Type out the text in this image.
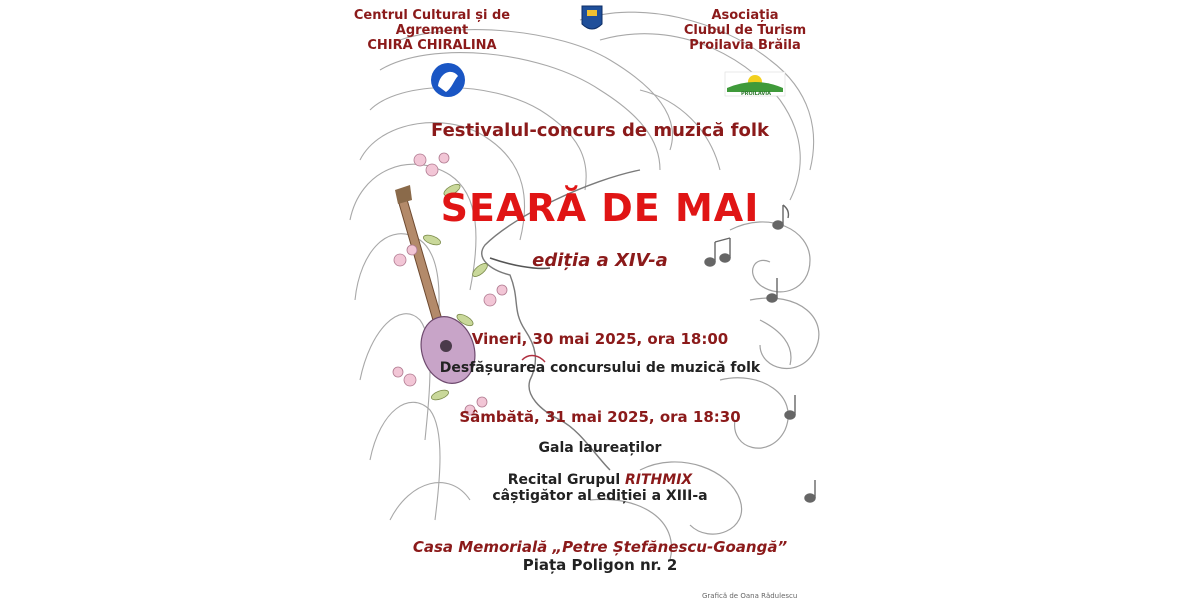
Centrul Cultural și de
Agrement
CHIRA CHIRALINA
Asociația
Clubul de Turism
Proilavia Brăila
PROILAVIA
Festivalul-concurs de muzică folk
SEARĂ DE MAI
ediția a XIV-a
Vineri, 30 mai 2025, ora 18:00
Desfășurarea concursului de muzică folk
Sâmbătă, 31 mai 2025, ora 18:30
Gala laureaților
Recital Grupul RITHMIX
câștigător al ediției a XIII-a
Casa Memorială „Petre Ștefănescu-Goangă”
Piața Poligon nr. 2
Grafică de Oana Rădulescu
